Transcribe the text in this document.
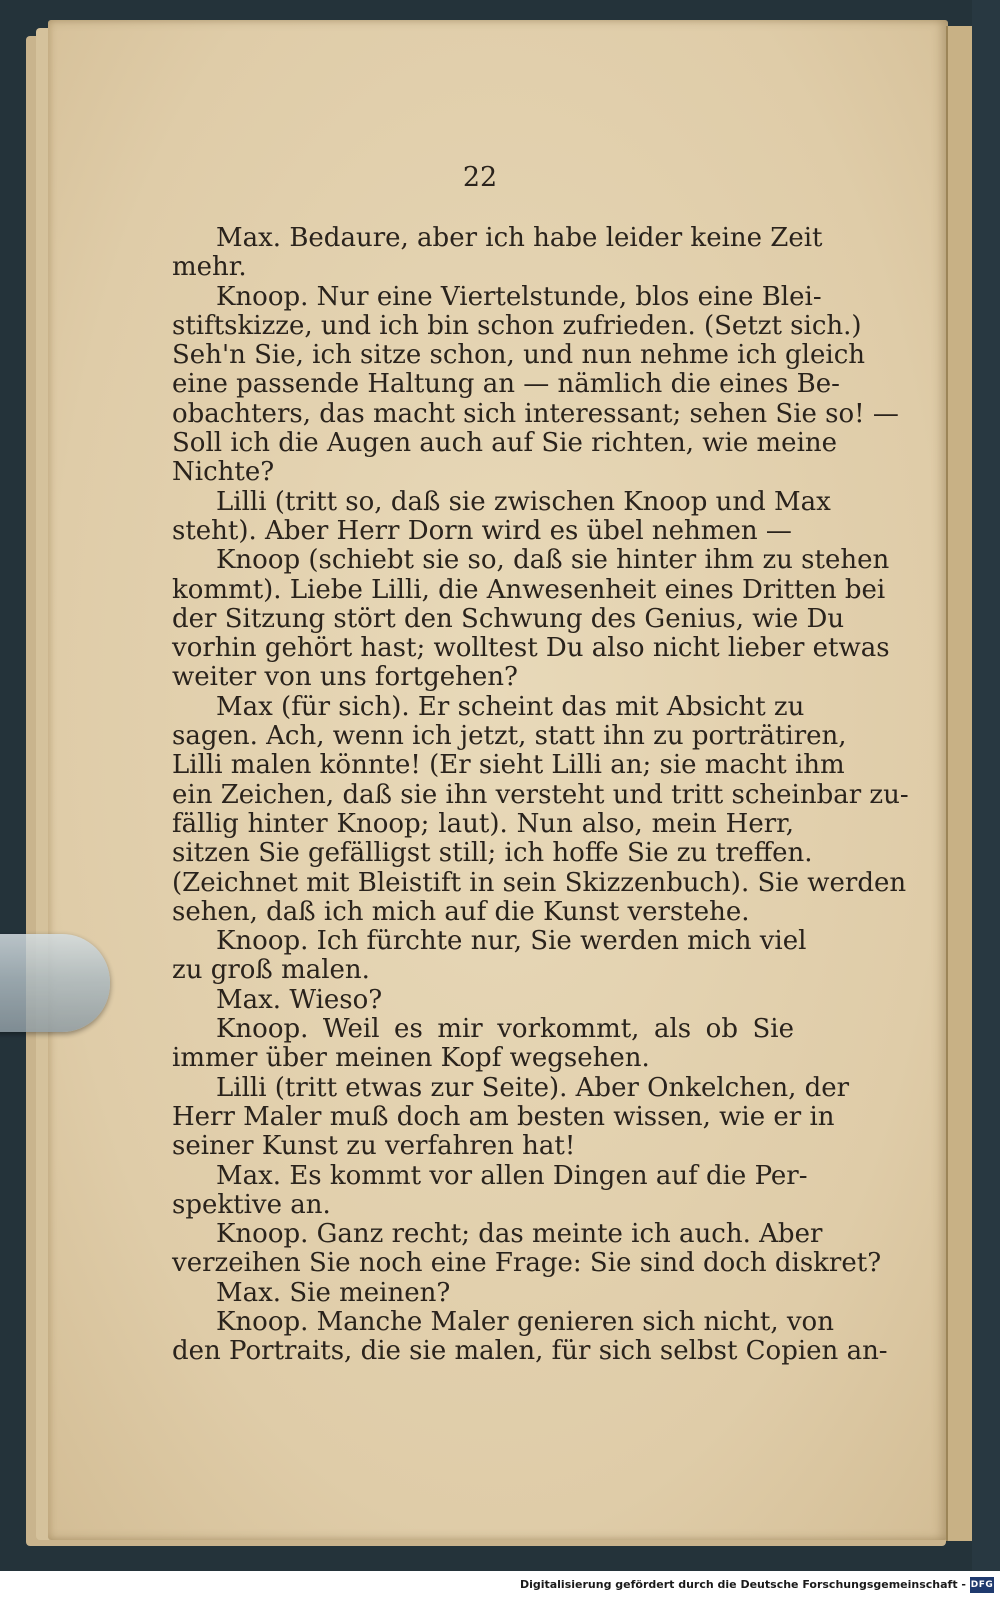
22
Max. Bedaure, aber ich habe leider keine Zeit
mehr.
Knoop. Nur eine Viertelstunde, blos eine Blei-
stiftskizze, und ich bin schon zufrieden. (Setzt sich.)
Seh'n Sie, ich sitze schon, und nun nehme ich gleich
eine passende Haltung an — nämlich die eines Be-
obachters, das macht sich interessant; sehen Sie so! —
Soll ich die Augen auch auf Sie richten, wie meine
Nichte?
Lilli (tritt so, daß sie zwischen Knoop und Max
steht). Aber Herr Dorn wird es übel nehmen —
Knoop (schiebt sie so, daß sie hinter ihm zu stehen
kommt). Liebe Lilli, die Anwesenheit eines Dritten bei
der Sitzung stört den Schwung des Genius, wie Du
vorhin gehört hast; wolltest Du also nicht lieber etwas
weiter von uns fortgehen?
Max (für sich). Er scheint das mit Absicht zu
sagen. Ach, wenn ich jetzt, statt ihn zu porträtiren,
Lilli malen könnte! (Er sieht Lilli an; sie macht ihm
ein Zeichen, daß sie ihn versteht und tritt scheinbar zu-
fällig hinter Knoop; laut). Nun also, mein Herr,
sitzen Sie gefälligst still; ich hoffe Sie zu treffen.
(Zeichnet mit Bleistift in sein Skizzenbuch). Sie werden
sehen, daß ich mich auf die Kunst verstehe.
Knoop. Ich fürchte nur, Sie werden mich viel
zu groß malen.
Max. Wieso?
Knoop. Weil es mir vorkommt, als ob Sie
immer über meinen Kopf wegsehen.
Lilli (tritt etwas zur Seite). Aber Onkelchen, der
Herr Maler muß doch am besten wissen, wie er in
seiner Kunst zu verfahren hat!
Max. Es kommt vor allen Dingen auf die Per-
spektive an.
Knoop. Ganz recht; das meinte ich auch. Aber
verzeihen Sie noch eine Frage: Sie sind doch diskret?
Max. Sie meinen?
Knoop. Manche Maler genieren sich nicht, von
den Portraits, die sie malen, für sich selbst Copien an-
Digitalisierung gefördert durch die Deutsche Forschungsgemeinschaft - DFG
